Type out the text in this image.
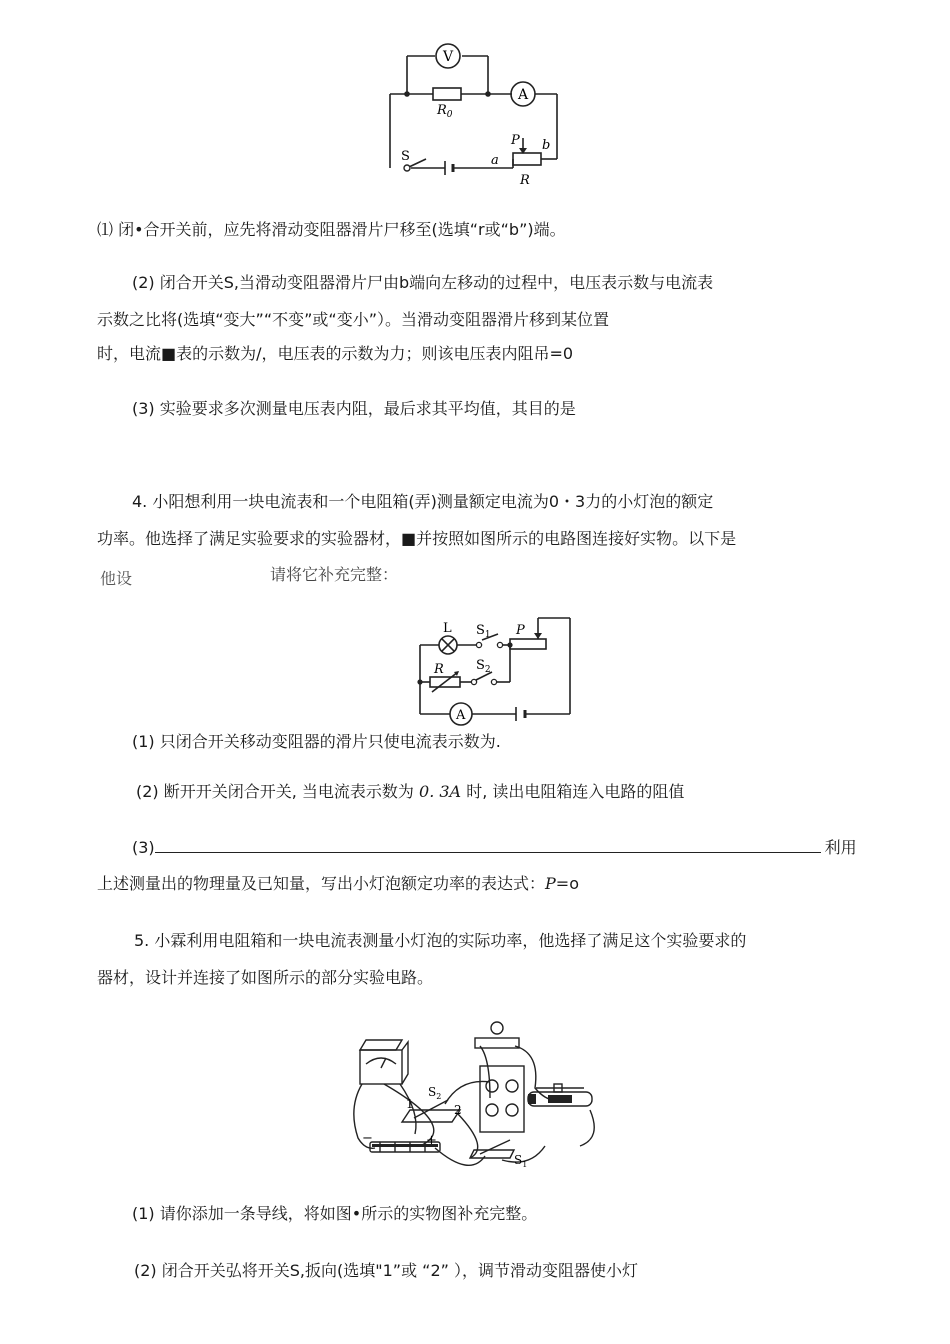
V
A
$R_0$
S	a
P b
R
⑴ 闭•合开关前，应先将滑动变阻器滑片尸移至(选填“r或“b”)端。
(2) 闭合开关S,当滑动变阻器滑片尸由b端向左移动的过程中，电压表示数与电流表
示数之比将(选填“变大”“不变”或“变小”）。当滑动变阻器滑片移到某位置
时，电流■表的示数为/，电压表的示数为力；则该电压表内阻吊=0
(3) 实验要求多次测量电压表内阻，最后求其平均值，其目的是
4. 小阳想利用一块电流表和一个电阻箱(弄)测量额定电流为0・3力的小灯泡的额定
功率。他选择了满足实验要求的实验器材，■并按照如图所示的电路图连接好实物。以下是
他设	请将它补充完整：
L $S_1$ P
R $S_2$
A
(1) 只闭合开关移动变阻器的滑片只使电流表示数为.
(2) 断开开关闭合开关, 当电流表示数为 0. 3A 时, 读出电阻箱连入电路的阻值
(3)	利用
上述测量出的物理量及已知量，写出小灯泡额定功率的表达式：P=o
5. 小霖利用电阻箱和一块电流表测量小灯泡的实际功率，他选择了满足这个实验要求的
器材，设计并连接了如图所示的部分实验电路。
1
$S_2$
2
−	+
$S_1$
(1) 请你添加一条导线，将如图•所示的实物图补充完整。
(2) 闭合开关弘将开关S,扳向(选填"1”或 “2” ），调节滑动变阻器使小灯
